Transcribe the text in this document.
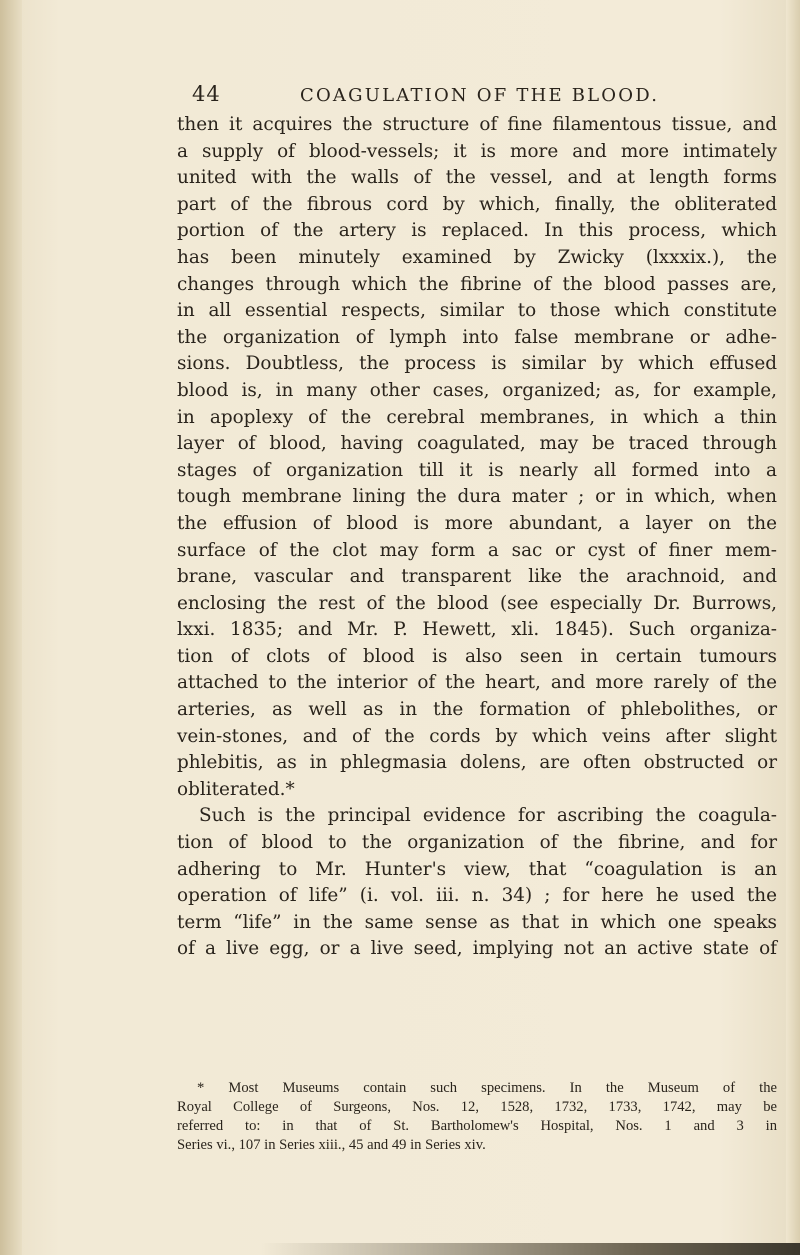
44	COAGULATION OF THE BLOOD.
then it acquires the structure of fine filamentous tissue, and
a supply of blood-vessels; it is more and more intimately
united with the walls of the vessel, and at length forms
part of the fibrous cord by which, finally, the obliterated
portion of the artery is replaced. In this process, which
has been minutely examined by Zwicky (lxxxix.), the
changes through which the fibrine of the blood passes are,
in all essential respects, similar to those which constitute
the organization of lymph into false membrane or adhe-
sions. Doubtless, the process is similar by which effused
blood is, in many other cases, organized; as, for example,
in apoplexy of the cerebral membranes, in which a thin
layer of blood, having coagulated, may be traced through
stages of organization till it is nearly all formed into a
tough membrane lining the dura mater ; or in which, when
the effusion of blood is more abundant, a layer on the
surface of the clot may form a sac or cyst of finer mem-
brane, vascular and transparent like the arachnoid, and
enclosing the rest of the blood (see especially Dr. Burrows,
lxxi. 1835; and Mr. P. Hewett, xli. 1845). Such organiza-
tion of clots of blood is also seen in certain tumours
attached to the interior of the heart, and more rarely of the
arteries, as well as in the formation of phlebolithes, or
vein-stones, and of the cords by which veins after slight
phlebitis, as in phlegmasia dolens, are often obstructed or
obliterated.*
Such is the principal evidence for ascribing the coagula-
tion of blood to the organization of the fibrine, and for
adhering to Mr. Hunter's view, that “coagulation is an
operation of life” (i. vol. iii. n. 34) ; for here he used the
term “life” in the same sense as that in which one speaks
of a live egg, or a live seed, implying not an active state of
* Most Museums contain such specimens. In the Museum of the
Royal College of Surgeons, Nos. 12, 1528, 1732, 1733, 1742, may be
referred to: in that of St. Bartholomew's Hospital, Nos. 1 and 3 in
Series vi., 107 in Series xiii., 45 and 49 in Series xiv.
